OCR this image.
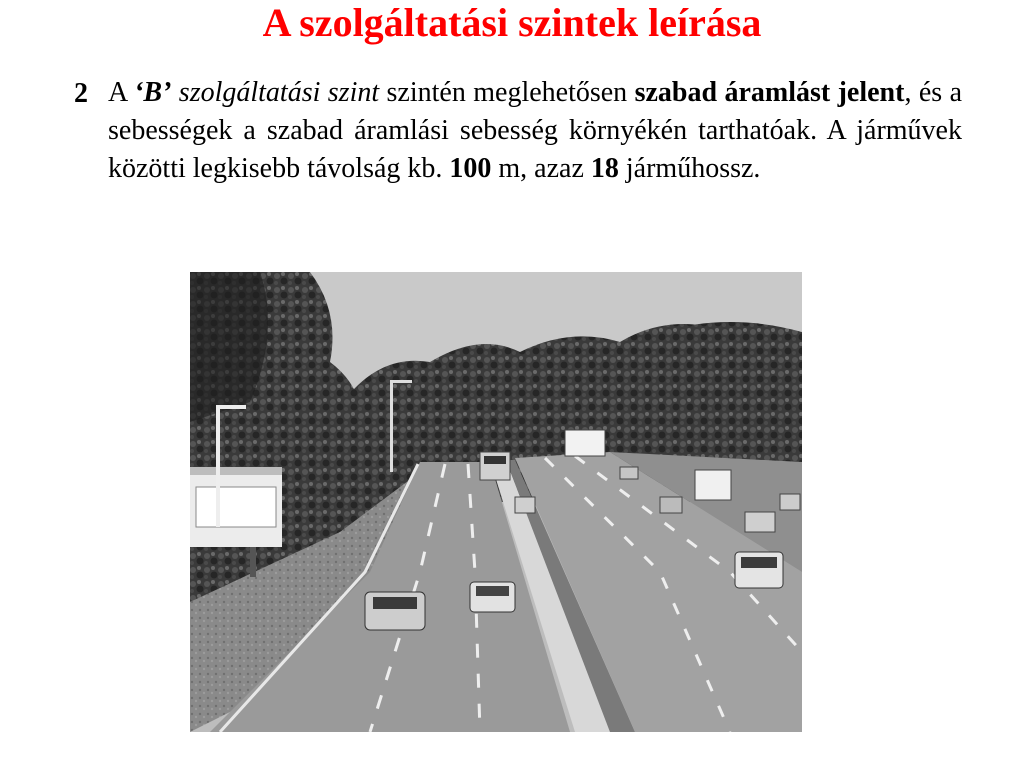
A szolgáltatási szintek leírása
2 A ‘B’ szolgáltatási szint szintén meglehetősen szabad áramlást jelent, és a sebességek a szabad áramlási sebesség környékén tarthatóak. A járművek közötti legkisebb távolság kb. 100 m, azaz 18 járműhossz.
